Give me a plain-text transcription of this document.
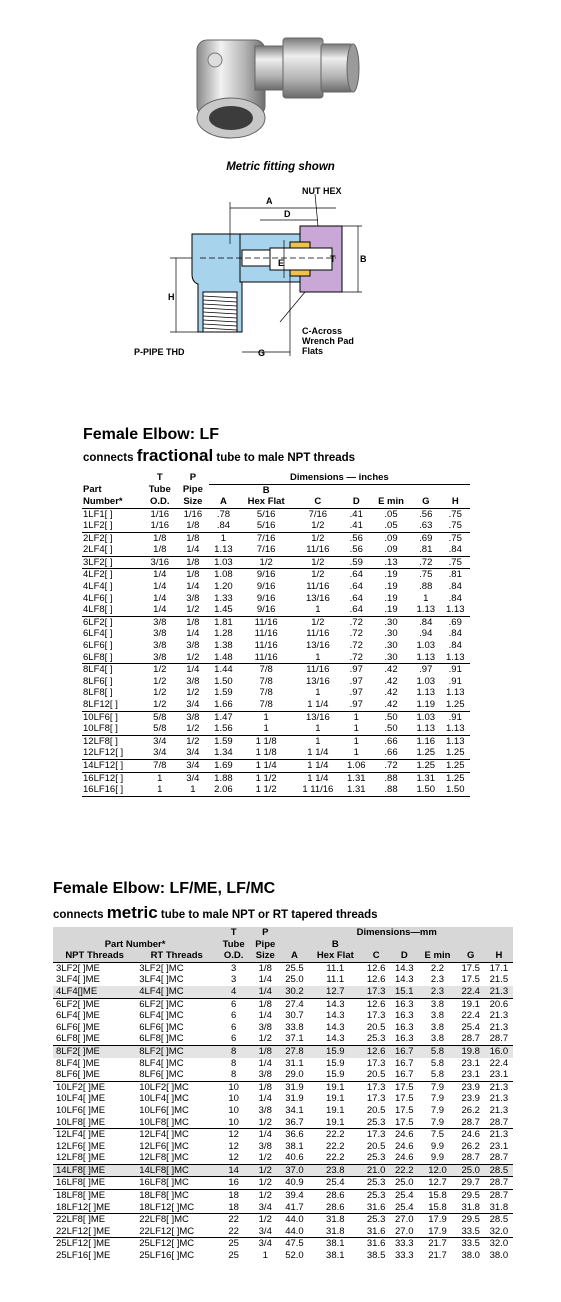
Metric fitting shown
A
D
E	T	B
H
G
NUT HEX
P-PIPE THD
C-Across
Wrench Pad
Flats
Female Elbow: LF
connects fractional tube to male NPT threads
	T	P	Dimensions — inches						
Part	Tube	Pipe		B					
Number*	O.D.	Size	A	Hex Flat	C	D	E min	G	H
1LF1[ ]	1/16	1/16	.78	5/16	7/16	.41	.05	.56	.75
1LF2[ ]	1/16	1/8	.84	5/16	1/2	.41	.05	.63	.75
2LF2[ ]	1/8	1/8	1	7/16	1/2	.56	.09	.69	.75
2LF4[ ]	1/8	1/4	1.13	7/16	11/16	.56	.09	.81	.84
3LF2[ ]	3/16	1/8	1.03	1/2	1/2	.59	.13	.72	.75
4LF2[ ]	1/4	1/8	1.08	9/16	1/2	.64	.19	.75	.81
4LF4[ ]	1/4	1/4	1.20	9/16	11/16	.64	.19	.88	.84
4LF6[ ]	1/4	3/8	1.33	9/16	13/16	.64	.19	1	.84
4LF8[ ]	1/4	1/2	1.45	9/16	1	.64	.19	1.13	1.13
6LF2[ ]	3/8	1/8	1.81	11/16	1/2	.72	.30	.84	.69
6LF4[ ]	3/8	1/4	1.28	11/16	11/16	.72	.30	.94	.84
6LF6[ ]	3/8	3/8	1.38	11/16	13/16	.72	.30	1.03	.84
6LF8[ ]	3/8	1/2	1.48	11/16	1	.72	.30	1.13	1.13
8LF4[ ]	1/2	1/4	1.44	7/8	11/16	.97	.42	.97	.91
8LF6[ ]	1/2	3/8	1.50	7/8	13/16	.97	.42	1.03	.91
8LF8[ ]	1/2	1/2	1.59	7/8	1	.97	.42	1.13	1.13
8LF12[ ]	1/2	3/4	1.66	7/8	1 1/4	.97	.42	1.19	1.25
10LF6[ ]	5/8	3/8	1.47	1	13/16	1	.50	1.03	.91
10LF8[ ]	5/8	1/2	1.56	1	1	1	.50	1.13	1.13
12LF8[ ]	3/4	1/2	1.59	1 1/8	1	1	.66	1.16	1.13
12LF12[ ]	3/4	3/4	1.34	1 1/8	1 1/4	1	.66	1.25	1.25
14LF12[ ]	7/8	3/4	1.69	1 1/4	1 1/4	1.06	.72	1.25	1.25
16LF12[ ]	1	3/4	1.88	1 1/2	1 1/4	1.31	.88	1.31	1.25
16LF16[ ]	1	1	2.06	1 1/2	1 11/16	1.31	.88	1.50	1.50
Female Elbow: LF/ME, LF/MC
connects metric tube to male NPT or RT tapered threads
		T	P	Dimensions—mm						
Part Number*		Tube	Pipe		B					
NPT Threads	RT Threads	O.D.	Size	A	Hex Flat	C	D	E min	G	H
3LF2[ ]ME	3LF2[ ]MC	3	1/8	25.5	11.1	12.6	14.3	2.2	17.5	17.1
3LF4[ ]ME	3LF4[ ]MC	3	1/4	25.0	11.1	12.6	14.3	2.3	17.5	21.5
4LF4[]ME	4LF4[ ]MC	4	1/4	30.2	12.7	17.3	15.1	2.3	22.4	21.3
6LF2[ ]ME	6LF2[ ]MC	6	1/8	27.4	14.3	12.6	16.3	3.8	19.1	20.6
6LF4[ ]ME	6LF4[ ]MC	6	1/4	30.7	14.3	17.3	16.3	3.8	22.4	21.3
6LF6[ ]ME	6LF6[ ]MC	6	3/8	33.8	14.3	20.5	16.3	3.8	25.4	21.3
6LF8[ ]ME	6LF8[ ]MC	6	1/2	37.1	14.3	25.3	16.3	3.8	28.7	28.7
8LF2[ ]ME	8LF2[ ]MC	8	1/8	27.8	15.9	12.6	16.7	5.8	19.8	16.0
8LF4[ ]ME	8LF4[ ]MC	8	1/4	31.1	15.9	17.3	16.7	5.8	23.1	22.4
8LF6[ ]ME	8LF6[ ]MC	8	3/8	29.0	15.9	20.5	16.7	5.8	23.1	23.1
10LF2[ ]ME	10LF2[ ]MC	10	1/8	31.9	19.1	17.3	17.5	7.9	23.9	21.3
10LF4[ ]ME	10LF4[ ]MC	10	1/4	31.9	19.1	17.3	17.5	7.9	23.9	21.3
10LF6[ ]ME	10LF6[ ]MC	10	3/8	34.1	19.1	20.5	17.5	7.9	26.2	21.3
10LF8[ ]ME	10LF8[ ]MC	10	1/2	36.7	19.1	25.3	17.5	7.9	28.7	28.7
12LF4[ ]ME	12LF4[ ]MC	12	1/4	36.6	22.2	17.3	24.6	7.5	24.6	21.3
12LF6[ ]ME	12LF6[ ]MC	12	3/8	38.1	22.2	20.5	24.6	9.9	26.2	23.1
12LF8[ ]ME	12LF8[ ]MC	12	1/2	40.6	22.2	25.3	24.6	9.9	28.7	28.7
14LF8[ ]ME	14LF8[ ]MC	14	1/2	37.0	23.8	21.0	22.2	12.0	25.0	28.5
16LF8[ ]ME	16LF8[ ]MC	16	1/2	40.9	25.4	25.3	25.0	12.7	29.7	28.7
18LF8[ ]ME	18LF8[ ]MC	18	1/2	39.4	28.6	25.3	25.4	15.8	29.5	28.7
18LF12[ ]ME	18LF12[ ]MC	18	3/4	41.7	28.6	31.6	25.4	15.8	31.8	31.8
22LF8[ ]ME	22LF8[ ]MC	22	1/2	44.0	31.8	25.3	27.0	17.9	29.5	28.5
22LF12[ ]ME	22LF12[ ]MC	22	3/4	44.0	31.8	31.6	27.0	17.9	33.5	32.0
25LF12[ ]ME	25LF12[ ]MC	25	3/4	47.5	38.1	31.6	33.3	21.7	33.5	32.0
25LF16[ ]ME	25LF16[ ]MC	25	1	52.0	38.1	38.5	33.3	21.7	38.0	38.0
